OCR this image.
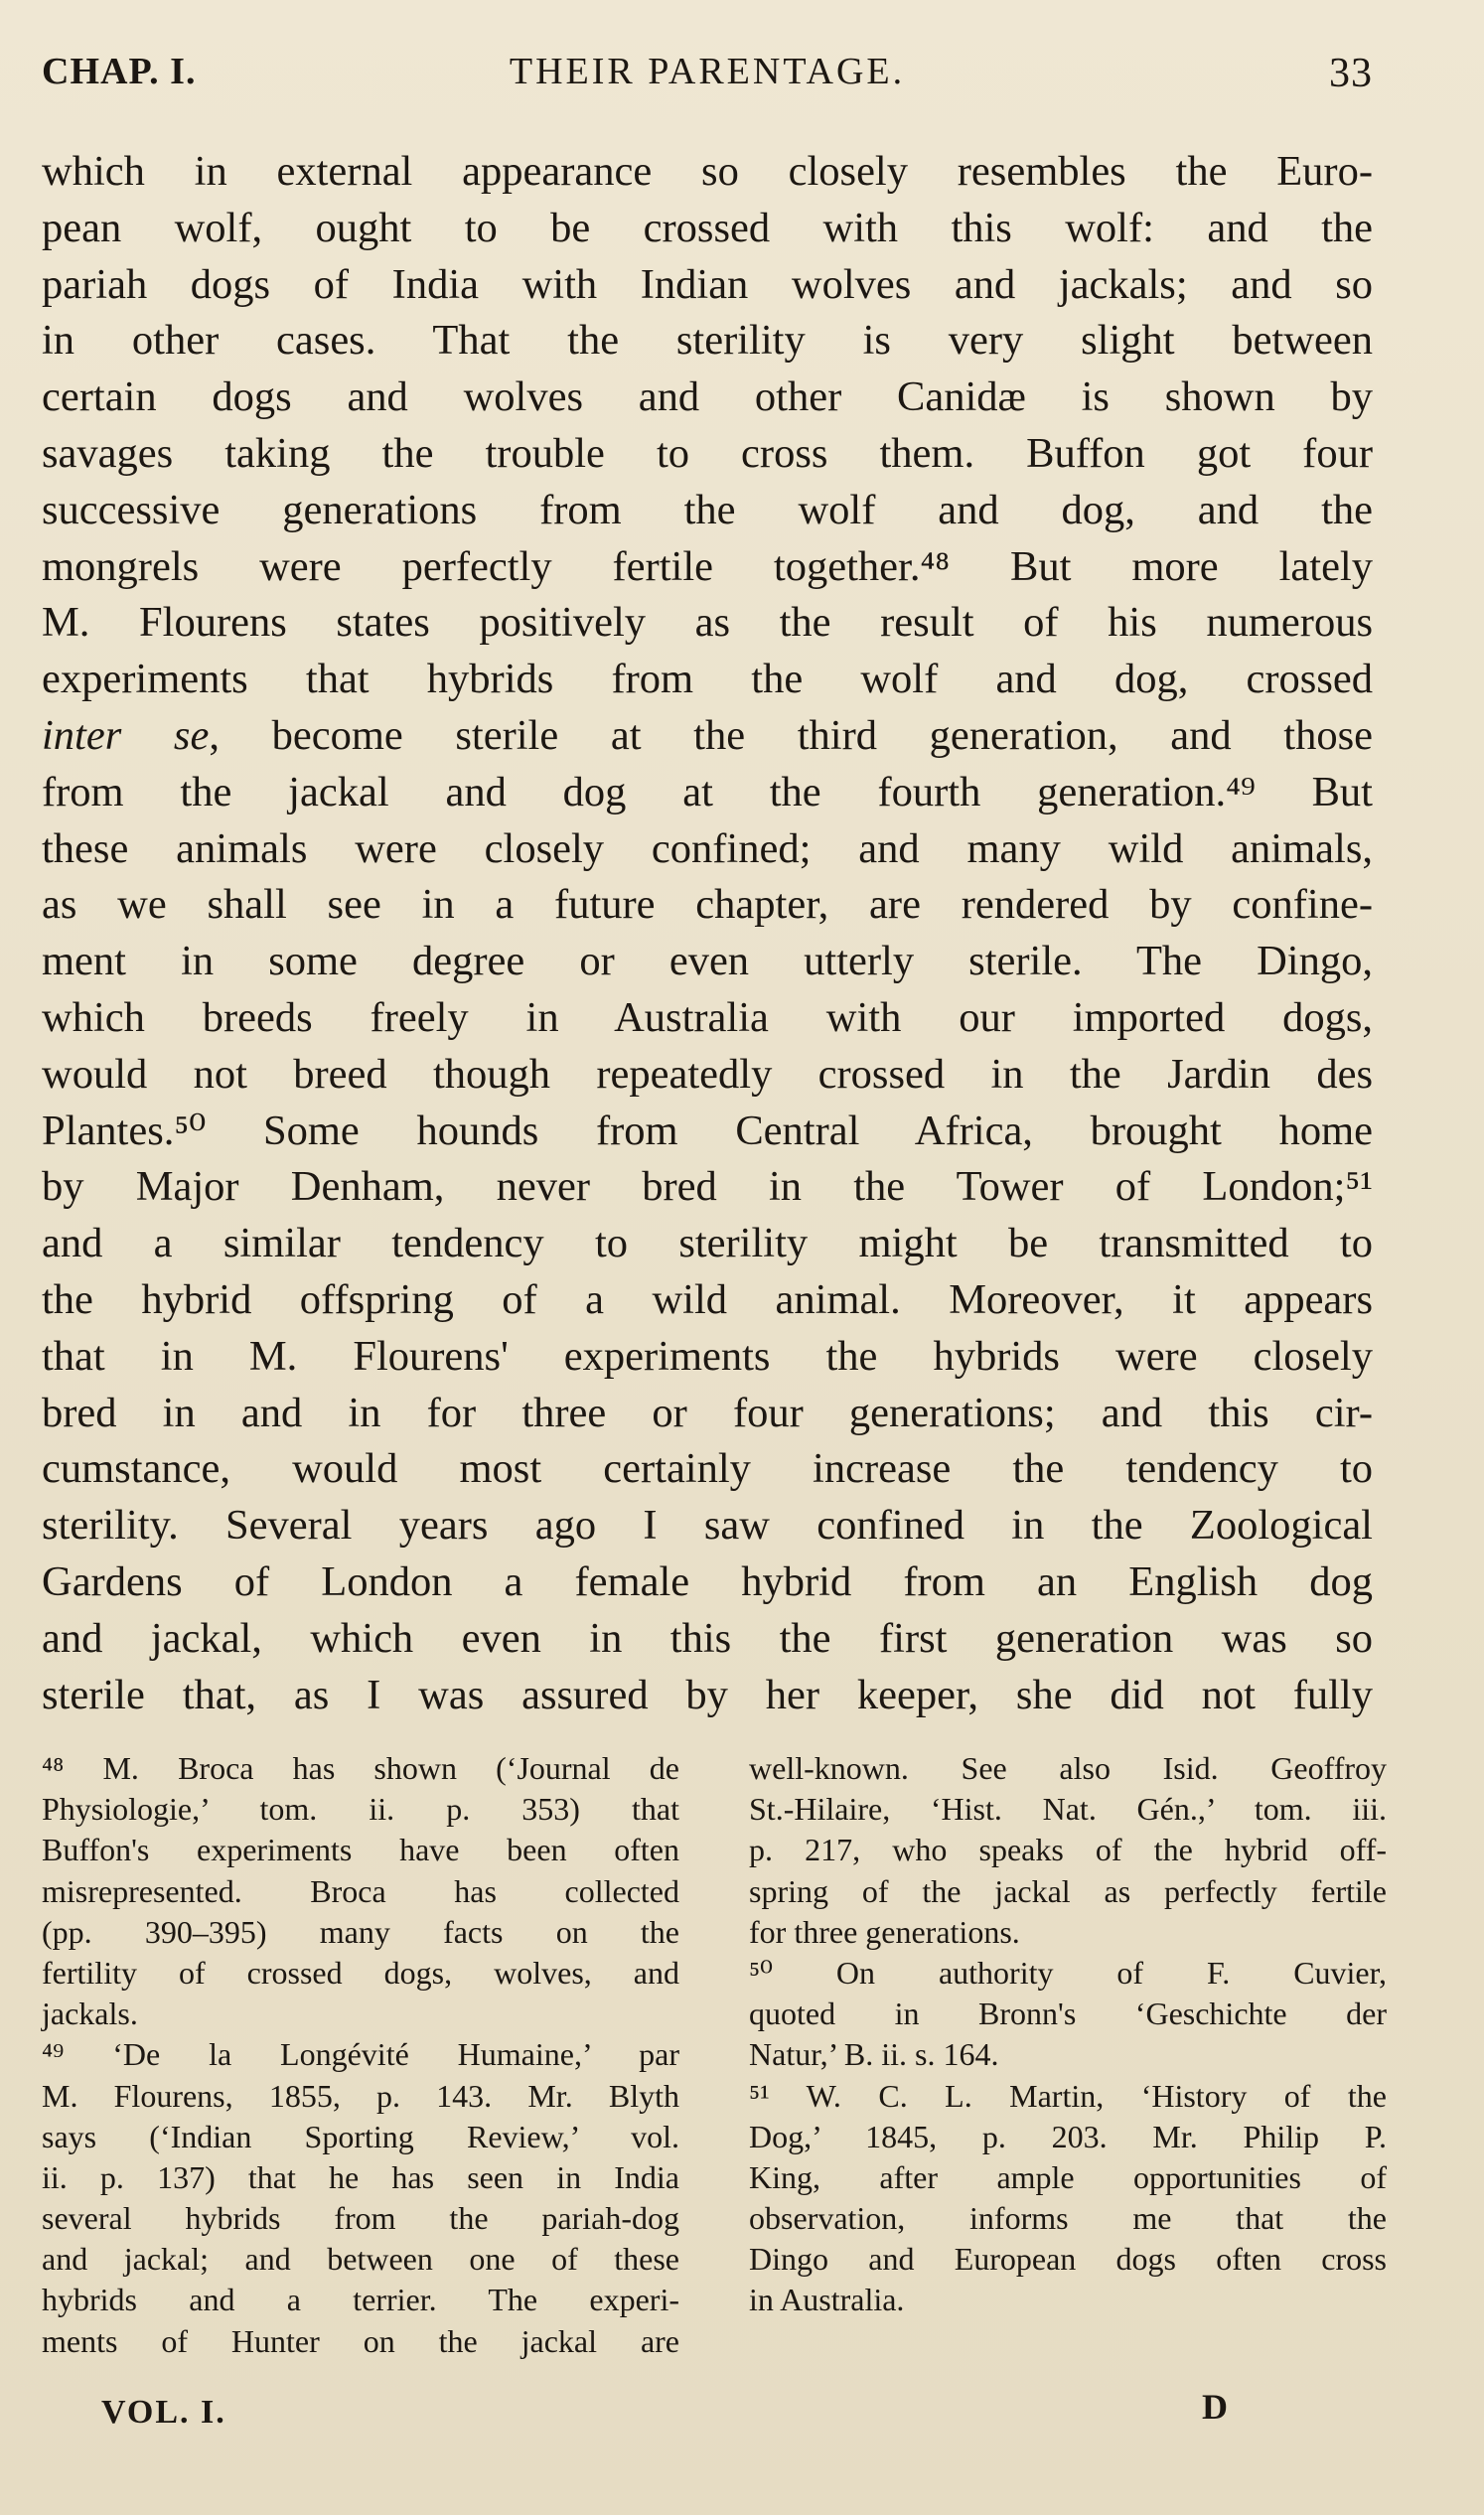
CHAP. I.	THEIR PARENTAGE.	33
which in external appearance so closely resembles the Euro-
pean wolf, ought to be crossed with this wolf: and the
pariah dogs of India with Indian wolves and jackals; and so
in other cases. That the sterility is very slight between
certain dogs and wolves and other Canidæ is shown by
savages taking the trouble to cross them. Buffon got four
successive generations from the wolf and dog, and the
mongrels were perfectly fertile together.⁴⁸ But more lately
M. Flourens states positively as the result of his numerous
experiments that hybrids from the wolf and dog, crossed
inter se, become sterile at the third generation, and those
from the jackal and dog at the fourth generation.⁴⁹ But
these animals were closely confined; and many wild animals,
as we shall see in a future chapter, are rendered by confine-
ment in some degree or even utterly sterile. The Dingo,
which breeds freely in Australia with our imported dogs,
would not breed though repeatedly crossed in the Jardin des
Plantes.⁵⁰ Some hounds from Central Africa, brought home
by Major Denham, never bred in the Tower of London;⁵¹
and a similar tendency to sterility might be transmitted to
the hybrid offspring of a wild animal. Moreover, it appears
that in M. Flourens' experiments the hybrids were closely
bred in and in for three or four generations; and this cir-
cumstance, would most certainly increase the tendency to
sterility. Several years ago I saw confined in the Zoological
Gardens of London a female hybrid from an English dog
and jackal, which even in this the first generation was so
sterile that, as I was assured by her keeper, she did not fully
⁴⁸ M. Broca has shown (‘Journal de
Physiologie,’ tom. ii. p. 353) that
Buffon's experiments have been often
misrepresented. Broca has collected
(pp. 390–395) many facts on the
fertility of crossed dogs, wolves, and
jackals.
⁴⁹ ‘De la Longévité Humaine,’ par
M. Flourens, 1855, p. 143. Mr. Blyth
says (‘Indian Sporting Review,’ vol.
ii. p. 137) that he has seen in India
several hybrids from the pariah-dog
and jackal; and between one of these
hybrids and a terrier. The experi-
ments of Hunter on the jackal are
well-known. See also Isid. Geoffroy
St.-Hilaire, ‘Hist. Nat. Gén.,’ tom. iii.
p. 217, who speaks of the hybrid off-
spring of the jackal as perfectly fertile
for three generations.
⁵⁰ On authority of F. Cuvier,
quoted in Bronn's ‘Geschichte der
Natur,’ B. ii. s. 164.
⁵¹ W. C. L. Martin, ‘History of the
Dog,’ 1845, p. 203. Mr. Philip P.
King, after ample opportunities of
observation, informs me that the
Dingo and European dogs often cross
in Australia.
VOL. I.	D
